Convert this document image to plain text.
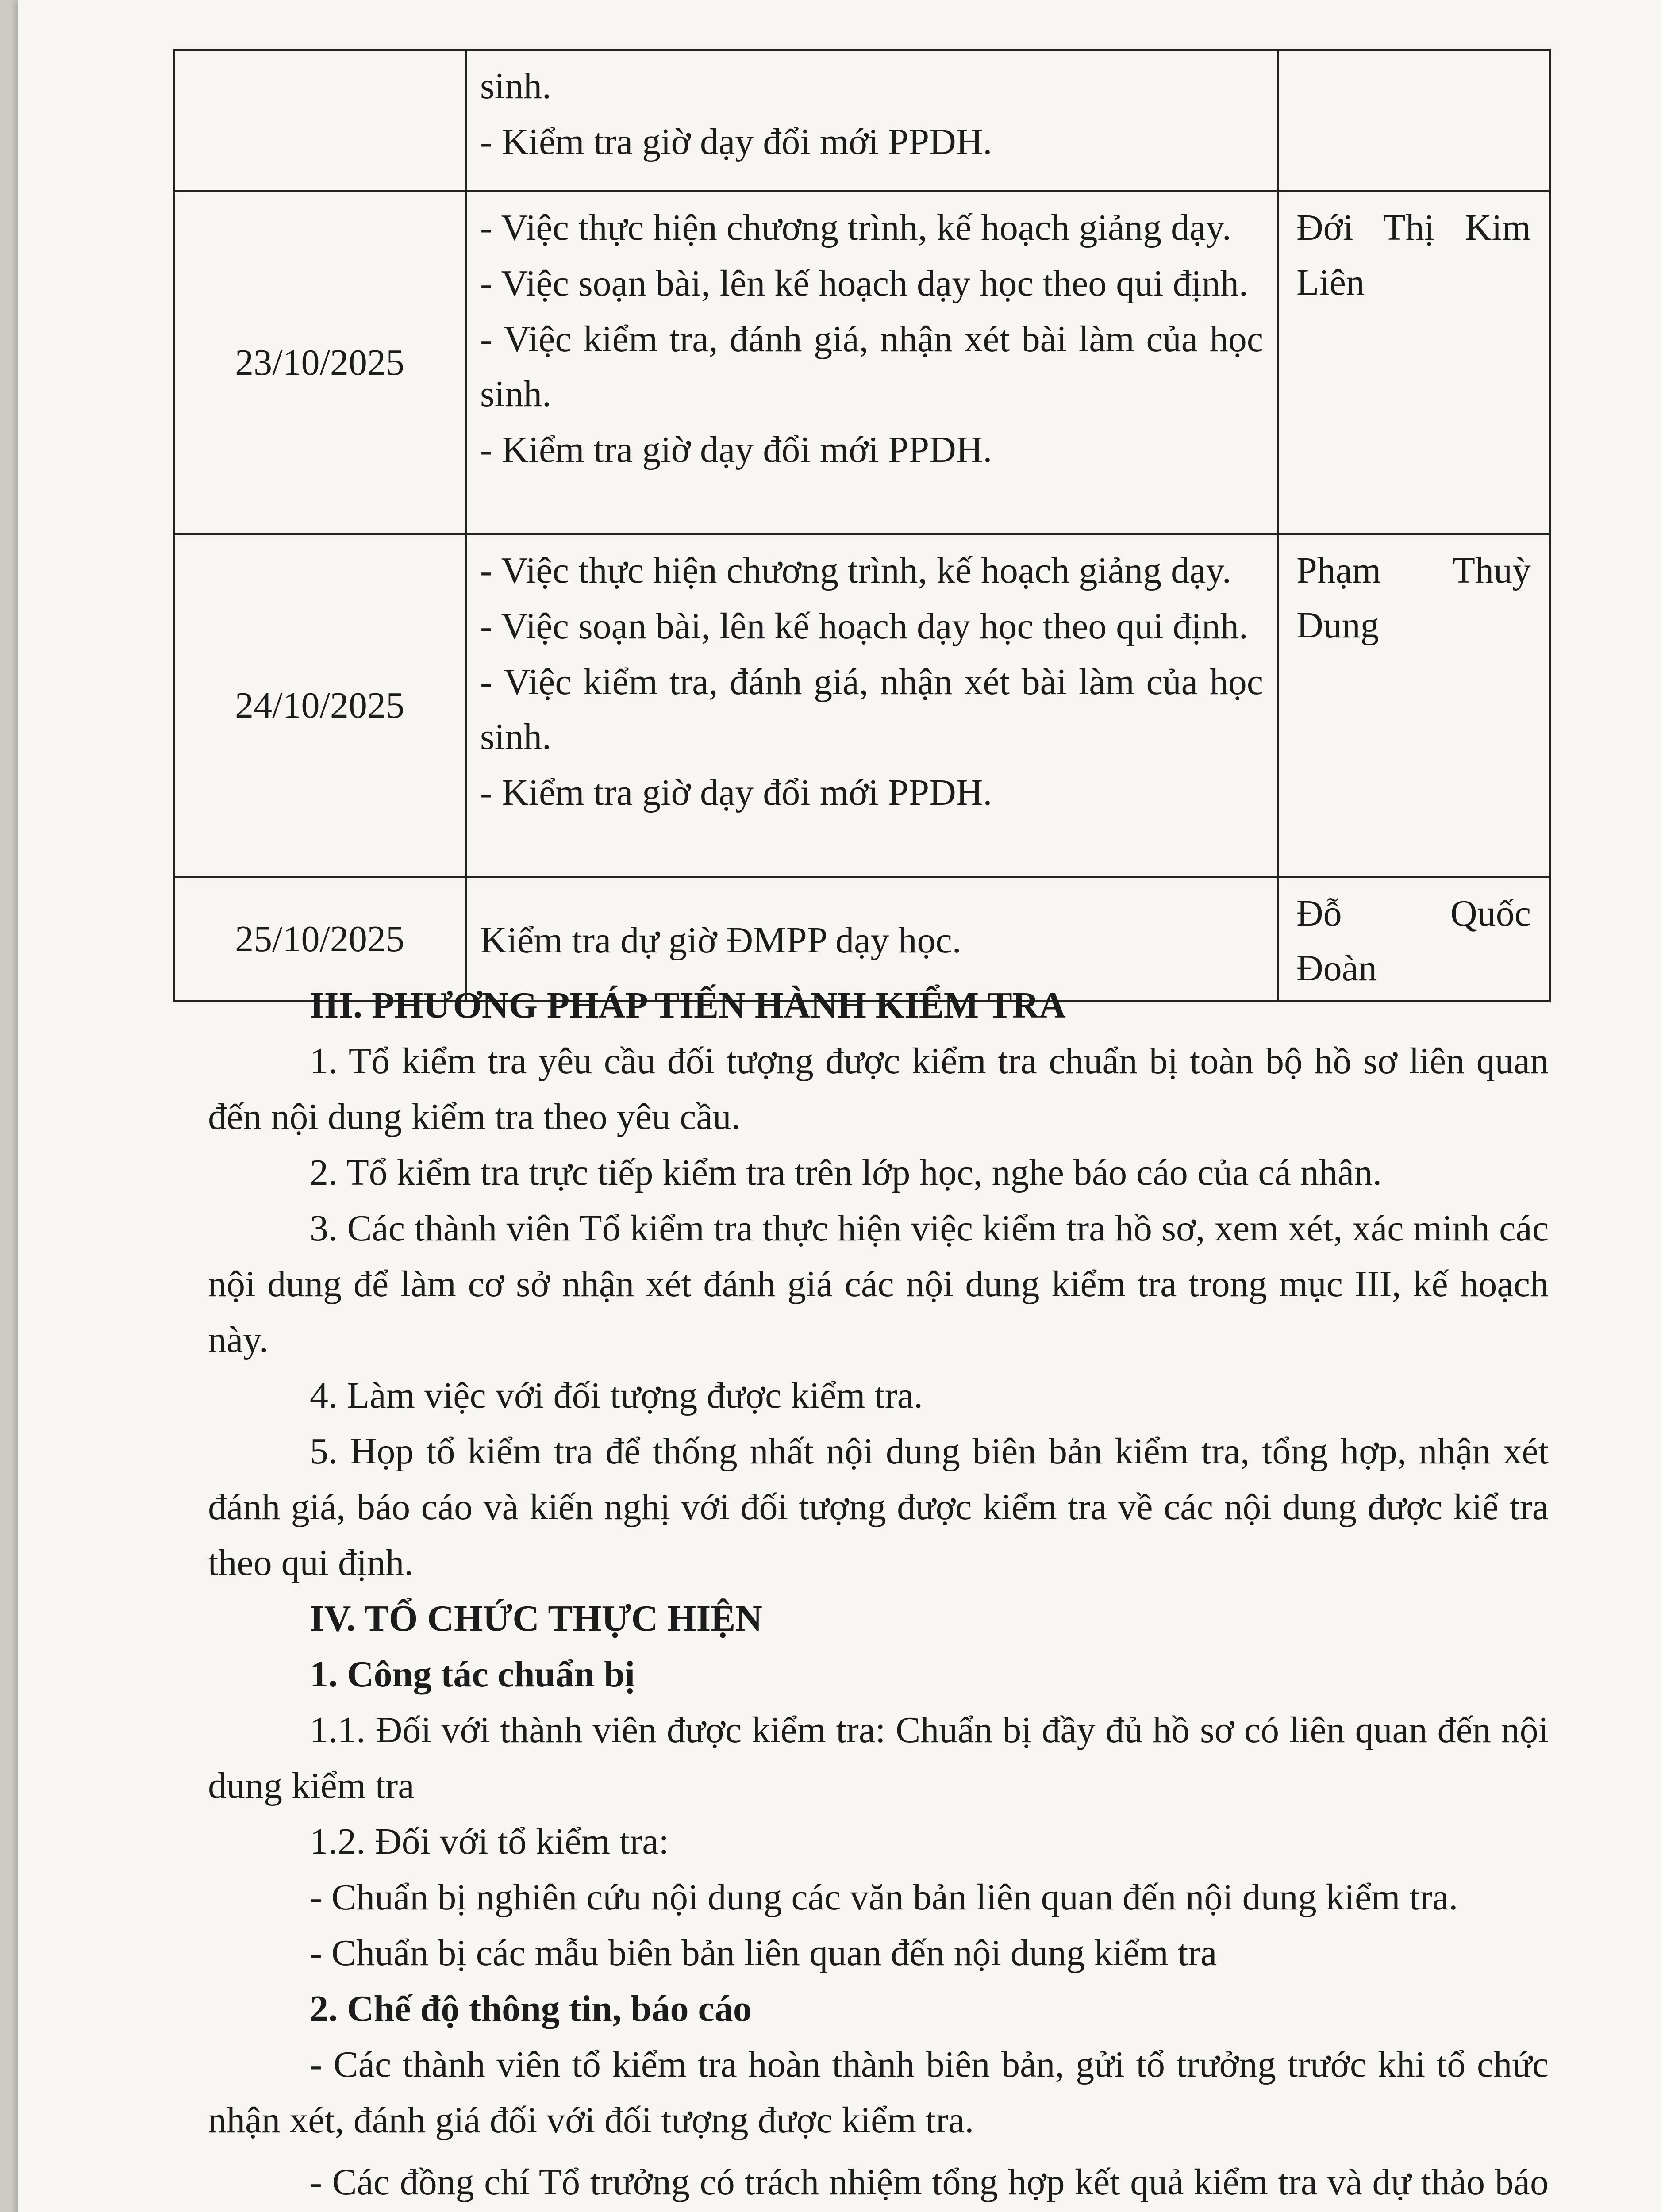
	sinh.
- Kiểm tra giờ dạy đổi mới PPDH.	

23/10/2025	- Việc thực hiện chương trình, kế hoạch giảng dạy.
- Việc soạn bài, lên kế hoạch dạy học theo qui định.
- Việc kiểm tra, đánh giá, nhận xét bài làm của học sinh.
- Kiểm tra giờ dạy đổi mới PPDH.	Đới Thị Kim
Liên

24/10/2025	- Việc thực hiện chương trình, kế hoạch giảng dạy.
- Việc soạn bài, lên kế hoạch dạy học theo qui định.
- Việc kiểm tra, đánh giá, nhận xét bài làm của học sinh.
- Kiểm tra giờ dạy đổi mới PPDH.	Phạm Thuỳ
Dung

25/10/2025	Kiểm tra dự giờ ĐMPP dạy học.	Đỗ Quốc
Đoàn

III. PHƯƠNG PHÁP TIẾN HÀNH KIỂM TRA

1. Tổ kiểm tra yêu cầu đối tượng được kiểm tra chuẩn bị toàn bộ hồ sơ liên quan đến nội dung kiểm tra theo yêu cầu.

2. Tổ kiểm tra trực tiếp kiểm tra trên lớp học, nghe báo cáo của cá nhân.

3. Các thành viên Tổ kiểm tra thực hiện việc kiểm tra hồ sơ, xem xét, xác minh các nội dung để làm cơ sở nhận xét đánh giá các nội dung kiểm tra trong mục III, kế hoạch này.

4. Làm việc với đối tượng được kiểm tra.

5. Họp tổ kiểm tra để thống nhất nội dung biên bản kiểm tra, tổng hợp, nhận xét đánh giá, báo cáo và kiến nghị với đối tượng được kiểm tra về các nội dung được kiể tra theo qui định.

IV. TỔ CHỨC THỰC HIỆN

1. Công tác chuẩn bị

1.1. Đối với thành viên được kiểm tra: Chuẩn bị đầy đủ hồ sơ có liên quan đến nội dung kiểm tra

1.2. Đối với tổ kiểm tra:

- Chuẩn bị nghiên cứu nội dung các văn bản liên quan đến nội dung kiểm tra.

- Chuẩn bị các mẫu biên bản liên quan đến nội dung kiểm tra

2. Chế độ thông tin, báo cáo

- Các thành viên tổ kiểm tra hoàn thành biên bản, gửi tổ trưởng trước khi tổ chức nhận xét, đánh giá đối với đối tượng được kiểm tra.

- Các đồng chí Tổ trưởng có trách nhiệm tổng hợp kết quả kiểm tra và dự thảo báo
